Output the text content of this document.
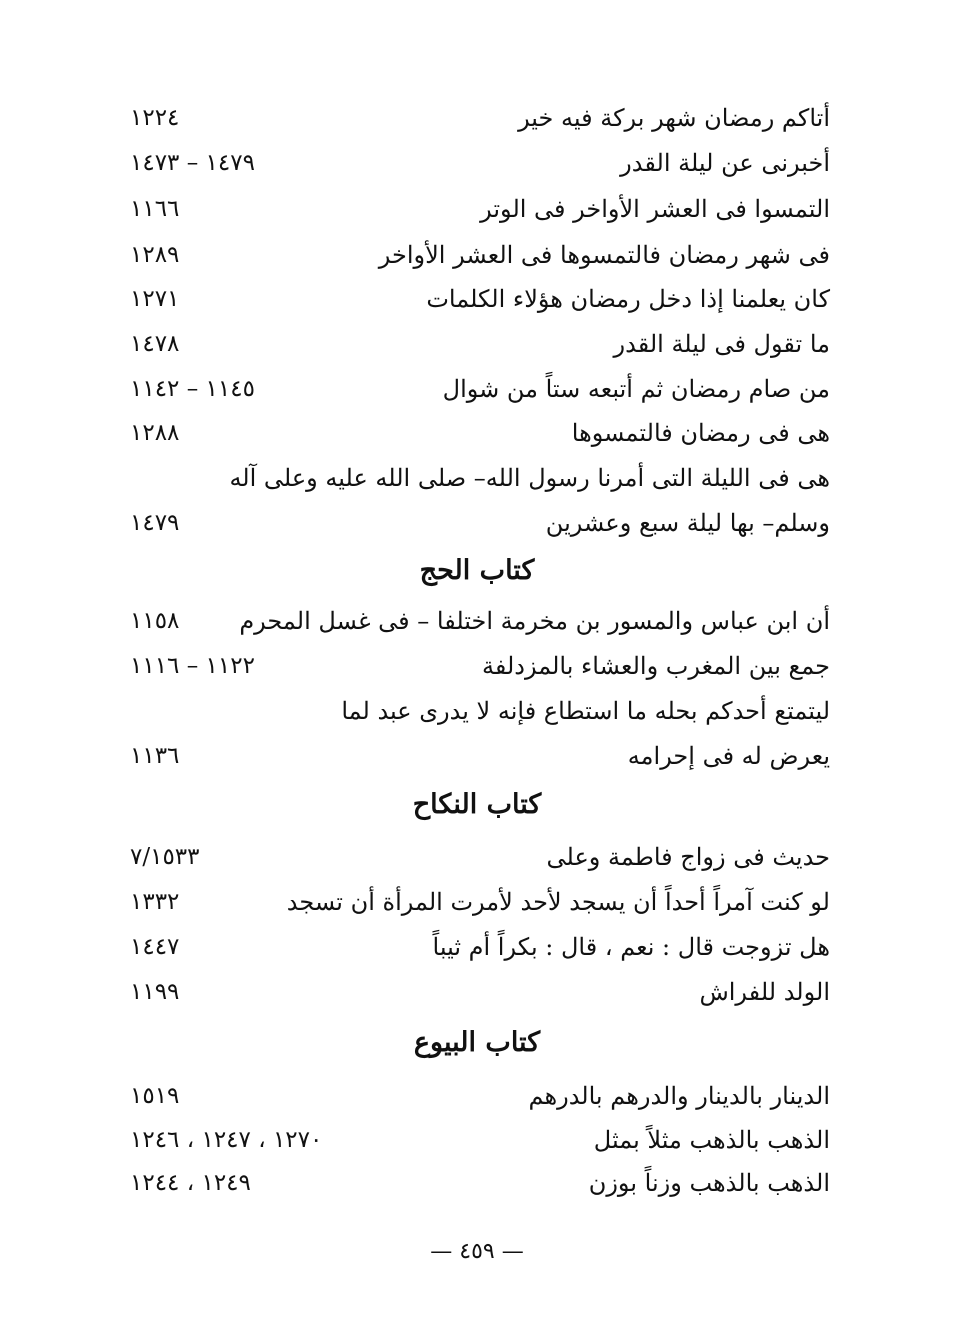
أتاكم رمضان شهر بركة فيه خير
١٢٢٤
أخبرنى عن ليلة القدر
١٤٧٩ – ١٤٧٣
التمسوا فى العشر الأواخر فى الوتر
١١٦٦
فى شهر رمضان فالتمسوها فى العشر الأواخر
١٢٨٩
كان يعلمنا إذا دخل رمضان هؤلاء الكلمات
١٢٧١
ما تقول فى ليلة القدر
١٤٧٨
من صام رمضان ثم أتبعه ستاً من شوال
١١٤٥ – ١١٤٢
هى فى رمضان فالتمسوها
١٢٨٨
هى فى الليلة التى أمرنا رسول الله– صلى الله عليه وعلى آله
وسلم– بها ليلة سبع وعشرين
١٤٧٩
كتاب الحج
أن ابن عباس والمسور بن مخرمة اختلفا – فى غسل المحرم
١١٥٨
جمع بين المغرب والعشاء بالمزدلفة
١١٢٢ – ١١١٦
ليتمتع أحدكم بحله ما استطاع فإنه لا يدرى عبد لما
يعرض له فى إحرامه
١١٣٦
كتاب النكاح
حديث فى زواج فاطمة وعلى
٧/١٥٣٣
لو كنت آمراً أحداً أن يسجد لأحد لأمرت المرأة أن تسجد
١٣٣٢
هل تزوجت قال : نعم ، قال : بكراً أم ثيباً
١٤٤٧
الولد للفراش
١١٩٩
كتاب البيوع
الدينار بالدينار والدرهم بالدرهم
١٥١٩
الذهب بالذهب مثلاً بمثل
١٢٧٠ ، ١٢٤٧ ، ١٢٤٦
الذهب بالذهب وزناً بوزن
١٢٤٩ ، ١٢٤٤
— ٤٥٩ —
